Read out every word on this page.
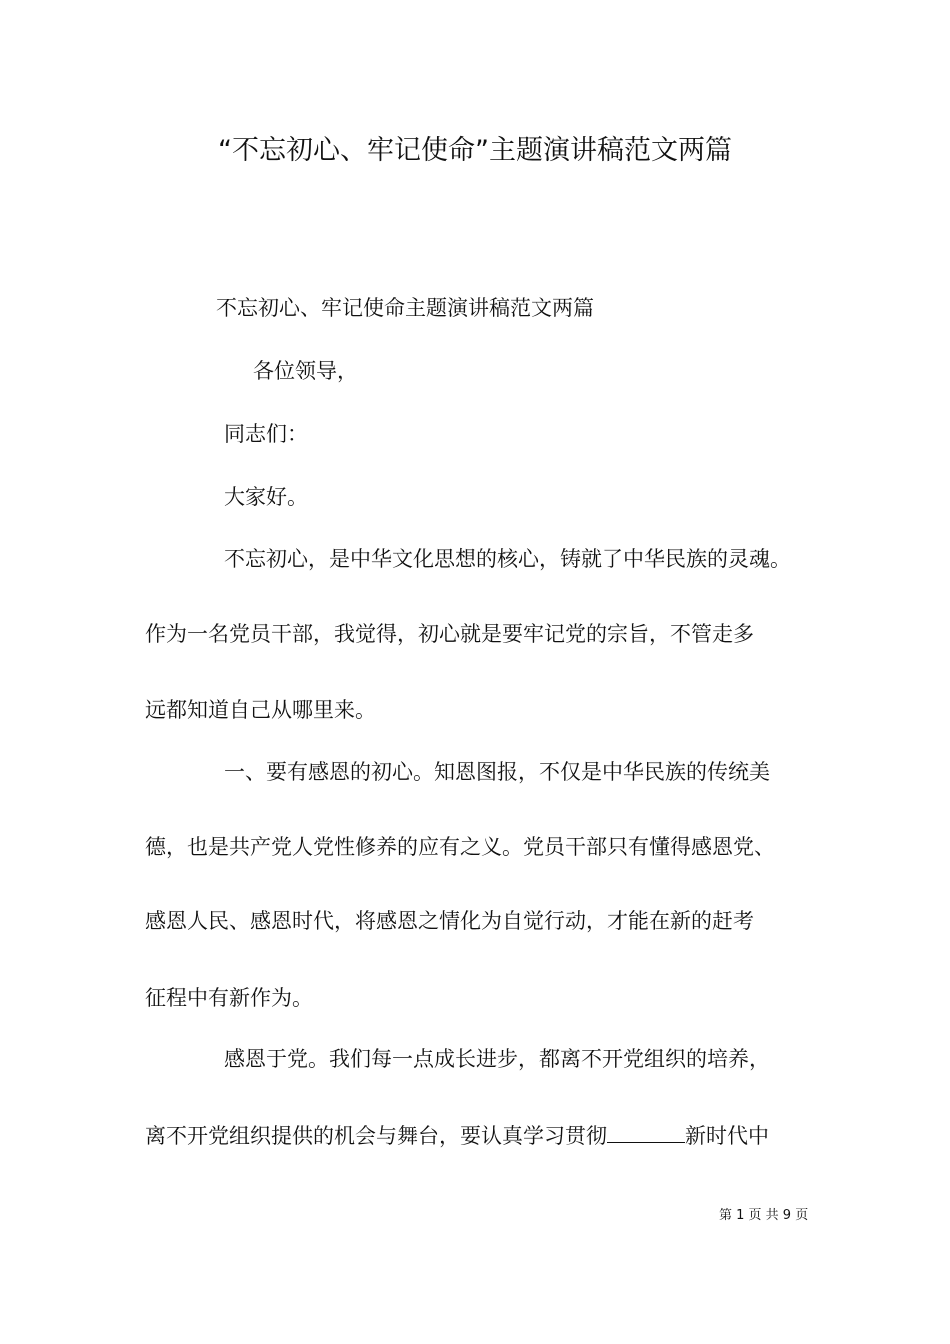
“不忘初心、牢记使命”主题演讲稿范文两篇

不忘初心、牢记使命主题演讲稿范文两篇

各位领导，

同志们：

大家好。

不忘初心，是中华文化思想的核心，铸就了中华民族的灵魂。

作为一名党员干部，我觉得，初心就是要牢记党的宗旨，不管走多

远都知道自己从哪里来。

一、要有感恩的初心。知恩图报，不仅是中华民族的传统美

德，也是共产党人党性修养的应有之义。党员干部只有懂得感恩党、

感恩人民、感恩时代，将感恩之情化为自觉行动，才能在新的赶考

征程中有新作为。

感恩于党。我们每一点成长进步，都离不开党组织的培养，

离不开党组织提供的机会与舞台，要认真学习贯彻	新时代中

第 1 页 共 9 页
